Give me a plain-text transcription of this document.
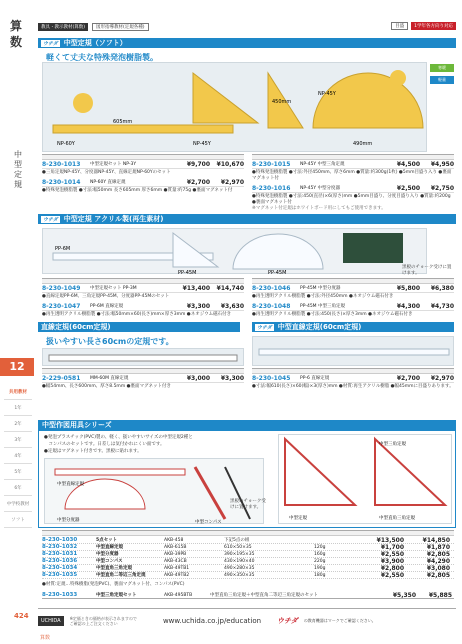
算数
中型定規
12
共用教材
1年
2年
3年
4年
5年
6年
中学校教材
ソフト
424
教具・教示教材(算数)	図形指導教材(定規各種)	目盛	1学年各方向り対応
ウチダ 中型定規（ソフト）
軽くて丈夫な特殊発泡樹脂製。
NP-60Y	NP-45Y
NP-45Y
605mm
490mm
450mm
寒暖
軽量
8-230-1013	中型定規セット NP-3Y	¥9,700	¥10,670
●三角定規NP-45Y、分度器NP-45Y、直線定規NP-60Yのセット
8-230-1014	NP-60Y 直線定規	¥2,700	¥2,970
●特殊発泡樹脂製 ●寸法:幅50mm 長さ605mm 厚さ6mm ●質量:約75g ●裏面マグネット付
8-230-1015	NP-45Y 中型三角定規	¥4,500	¥4,950
●特殊発泡樹脂製 ●寸法:外径450mm、厚さ6mm ●質量:約300g(1枚) ●5mm目盛り入り ●裏面マグネット付
8-230-1016	NP-45Y 中型分度器	¥2,500	¥2,750
●特殊発泡樹脂製 ●寸法:450(直径)×6(厚さ)mm ●5mm目盛り、分度目盛り入り ●質量:約200g ●裏面マグネット付
※マグネット付定規はホワイトボード用にしてもご使用できます。
ウチダ 中型定規 アクリル製(再生素材)
PP-6M
PP-45M	PP-45M
黒板のチョーク受けに置けます。
8-230-1049	中型定規セット PP-3M	¥13,400	¥14,740
●直線定規PP-6M、三角定規PP-45M、分度器PP-45Mのセット
8-230-1047	PP-6M 直線定規	¥3,300	¥3,630
●再生透明アクリル樹脂製 ●寸法:幅50mm×60(長さ)mm×厚さ3mm ●ネオジウム磁石付き
8-230-1046	PP-45M 中型分度器	¥5,800	¥6,380
●再生透明アクリル樹脂製 ●寸法:外径450mm ●ネオジウム磁石付き
8-230-1048	PP-45M 中型三角定規	¥4,300	¥4,730
●再生透明アクリル樹脂製 ●寸法:450(長さ)×厚さ3mm ●ネオジウム磁石付き
直線定規(60cm定規)
扱いやすい長さ60cmの定規です。
2-229-0581	MM-60M 直線定規	¥3,000	¥3,300
●幅54mm、長さ600mm、厚さ8.5mm ●裏面マグネット付き
ウチダ 中型直線定規(60cm定規)
8-230-1045	PP-6 直線定規	¥2,700	¥2,970
●寸法:幅610(長さ)×60(幅)×3(厚さ)mm ●材質:再生アクリル樹脂 ●幅45mmに目盛りあります。
中型作図用具シリーズ
●発泡プラスチック(PVC)製の、軽く、扱いやすいサイズの中型定規2種と
　コンパスのセットです。日差しは気付かれにくい面です。
●定規はマグネット付きです。黒板に貼れます。
中型直線定規
中型分度器	中型コンパス
黒板のチョーク受けに置けます。
中型定規	中型直角三角定規
中型三角定規
8-230-1030	5点セット	AKB-458	下記5点の組	¥13,500	¥14,850
8-230-1032	中型直線定規	AKB-615B	610×50×35	120g	¥1,700	¥1,870
8-230-1031	中型分度器	AKB-39PB	390×195×35	160g	¥2,550	¥2,805
8-230-1036	中型コンパス	AKB-43CB	430×190×40	220g	¥3,900	¥4,290
8-230-1034	中型直角三角定規	AKB-49TB1	490×280×35	190g	¥2,800	¥3,080
8-230-1035	中型直角二等辺三角定規	AKB-49TB2	490×350×35	180g	¥2,550	¥2,805
●材質:定規…特殊樹脂(発泡PVC)、裏面マグネット付、コンパス(PVC)
8-230-1033	中型三角定規セット	AKB-495BTB	中型直角三角定規＋中型直角二等辺三角定規のセット	¥5,350	¥5,885
UCHIDA	※定価ときの価格が表示されますので
ご確認の上ご注文ください	www.uchida.co.jp/education ウチダ の教育機器はマークでご確認ください。
算数
